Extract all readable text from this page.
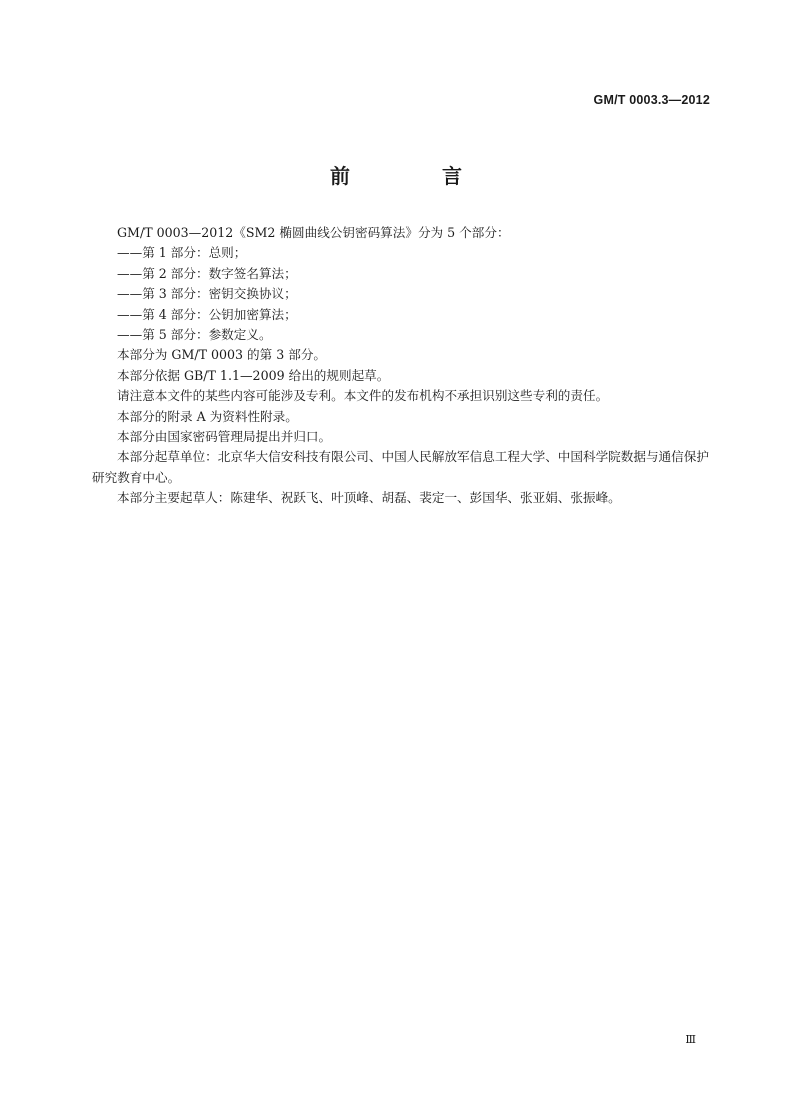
GM/T 0003.3—2012
前　言

GM/T 0003—2012《SM2 椭圆曲线公钥密码算法》分为 5 个部分：

——第 1 部分：总则；

——第 2 部分：数字签名算法；

——第 3 部分：密钥交换协议；

——第 4 部分：公钥加密算法；

——第 5 部分：参数定义。

本部分为 GM/T 0003 的第 3 部分。

本部分依据 GB/T 1.1—2009 给出的规则起草。

请注意本文件的某些内容可能涉及专利。本文件的发布机构不承担识别这些专利的责任。

本部分的附录 A 为资料性附录。

本部分由国家密码管理局提出并归口。

本部分起草单位：北京华大信安科技有限公司、中国人民解放军信息工程大学、中国科学院数据与通信保护研究教育中心。

本部分主要起草人：陈建华、祝跃飞、叶顶峰、胡磊、裴定一、彭国华、张亚娟、张振峰。

Ⅲ
